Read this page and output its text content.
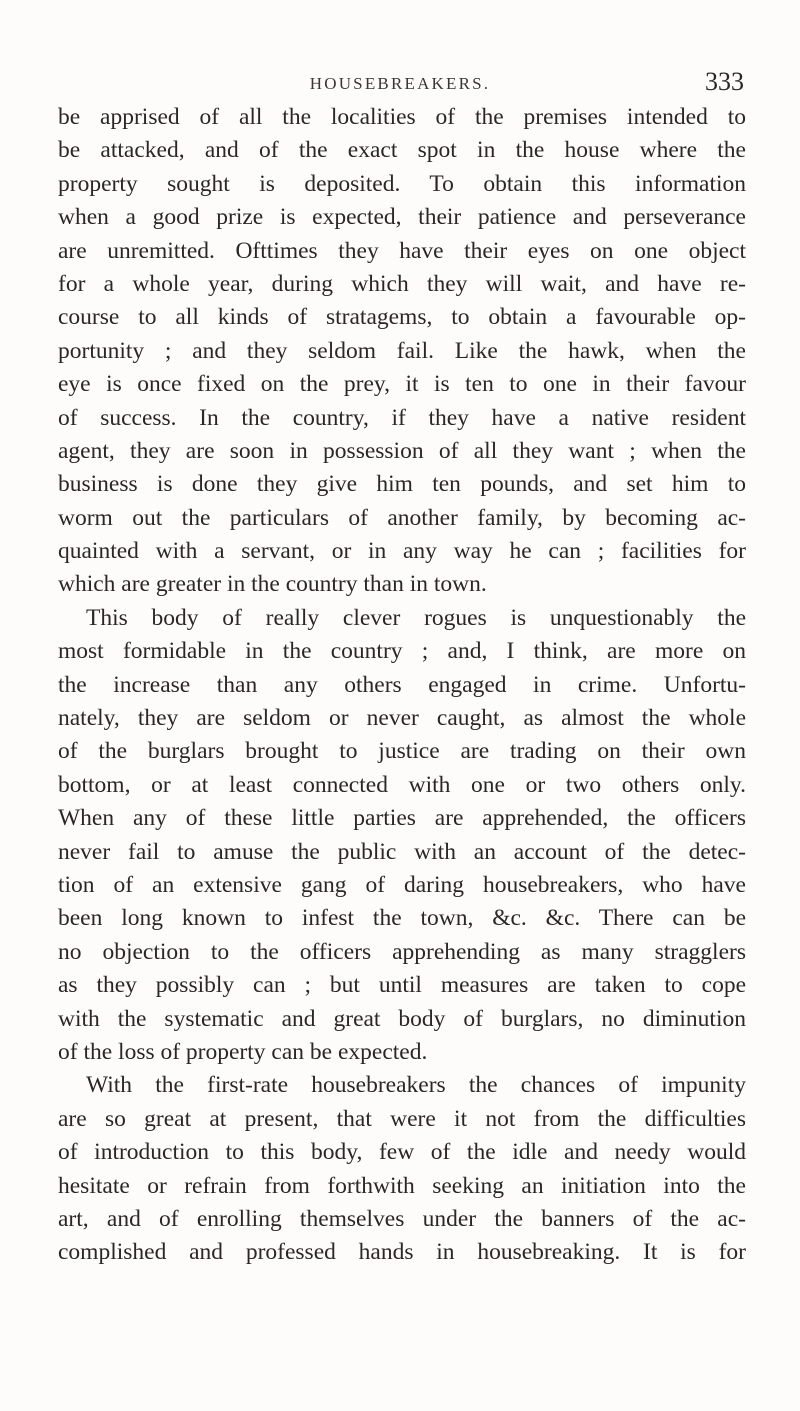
HOUSEBREAKERS.	333
be apprised of all the localities of the premises intended to
be attacked, and of the exact spot in the house where the
property sought is deposited. To obtain this information
when a good prize is expected, their patience and perseverance
are unremitted. Ofttimes they have their eyes on one object
for a whole year, during which they will wait, and have re-
course to all kinds of stratagems, to obtain a favourable op-
portunity ; and they seldom fail. Like the hawk, when the
eye is once fixed on the prey, it is ten to one in their favour
of success. In the country, if they have a native resident
agent, they are soon in possession of all they want ; when the
business is done they give him ten pounds, and set him to
worm out the particulars of another family, by becoming ac-
quainted with a servant, or in any way he can ; facilities for
which are greater in the country than in town.
This body of really clever rogues is unquestionably the
most formidable in the country ; and, I think, are more on
the increase than any others engaged in crime. Unfortu-
nately, they are seldom or never caught, as almost the whole
of the burglars brought to justice are trading on their own
bottom, or at least connected with one or two others only.
When any of these little parties are apprehended, the officers
never fail to amuse the public with an account of the detec-
tion of an extensive gang of daring housebreakers, who have
been long known to infest the town, &c. &c. There can be
no objection to the officers apprehending as many stragglers
as they possibly can ; but until measures are taken to cope
with the systematic and great body of burglars, no diminution
of the loss of property can be expected.
With the first-rate housebreakers the chances of impunity
are so great at present, that were it not from the difficulties
of introduction to this body, few of the idle and needy would
hesitate or refrain from forthwith seeking an initiation into the
art, and of enrolling themselves under the banners of the ac-
complished and professed hands in housebreaking. It is for
